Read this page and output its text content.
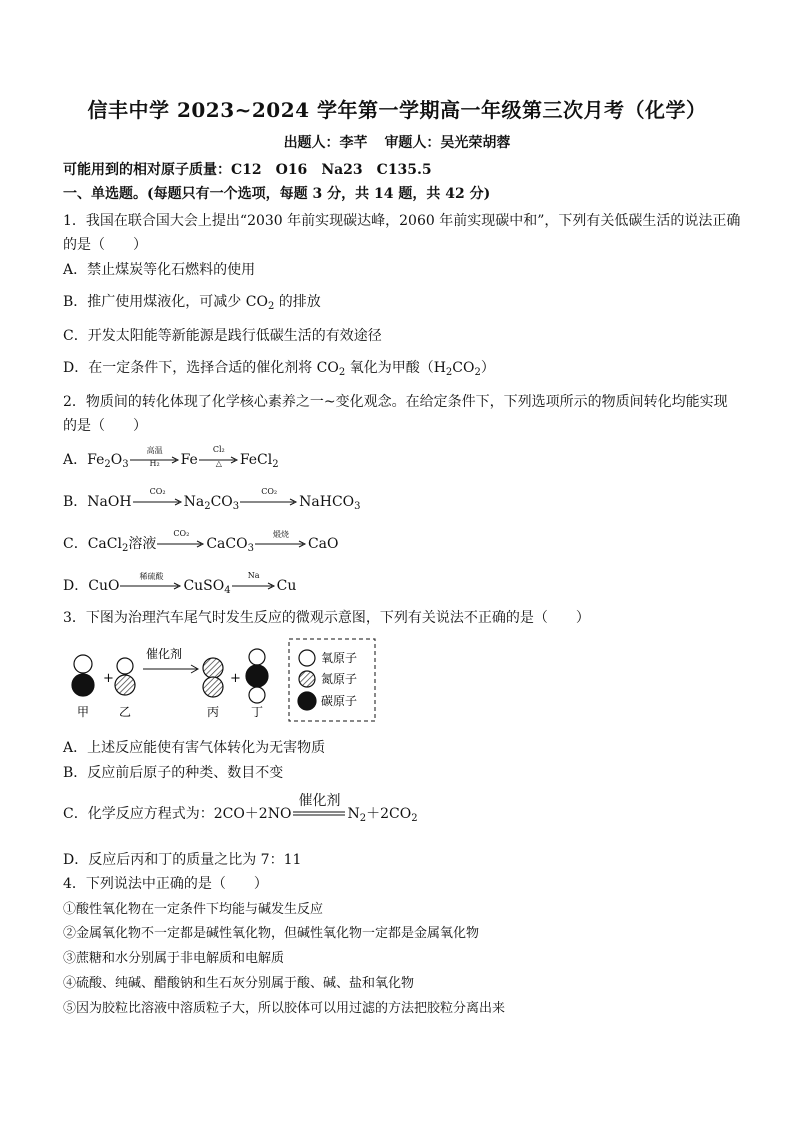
信丰中学 2023~2024 学年第一学期高一年级第三次月考（化学）
出题人：李芊 审题人：吴光荣胡蓉
可能用到的相对原子质量：C12 O16 Na23 C135.5
一、单选题。(每题只有一个选项，每题 3 分，共 14 题，共 42 分)
1．我国在联合国大会上提出“2030 年前实现碳达峰，2060 年前实现碳中和”，下列有关低碳生活的说法正确
的是（　　）
A．禁止煤炭等化石燃料的使用
B．推广使用煤液化，可减少 $CO_2$ 的排放
C．开发太阳能等新能源是践行低碳生活的有效途径
D．在一定条件下，选择合适的催化剂将 $CO_2$ 氧化为甲酸$(H_2CO_2)$
2．物质间的转化体现了化学核心素养之一~变化观念。在给定条件下，下列选项所示的物质间转化均能实现
的是（　　）
A．$Fe_2O_3$
高温
H₂	Fe
Cl₂
△	FeCl$_2$
B．NaOH
CO₂
$Na_2CO_3$
CO₂
NaHCO$_3$
C．CaCl$_2$溶液
CO₂
CaCO$_3$
煅烧
CaO
D．CuO
稀硫酸
CuSO$_4$
Na
Cu
3．下图为治理汽车尾气时发生反应的微观示意图，下列有关说法不正确的是（　　）
+
催化剂
+
甲 乙	丙	丁
氧原子
氮原子
碳原子
A．上述反应能使有害气体转化为无害物质
B．反应前后原子的种类、数目不变
C．化学反应方程式为：2CO＋2NO
催化剂
$N_2+2CO_2$
D．反应后丙和丁的质量之比为 7：11
4．下列说法中正确的是（　　）
①酸性氧化物在一定条件下均能与碱发生反应
②金属氧化物不一定都是碱性氧化物，但碱性氧化物一定都是金属氧化物
③蔗糖和水分别属于非电解质和电解质
④硫酸、纯碱、醋酸钠和生石灰分别属于酸、碱、盐和氧化物
⑤因为胶粒比溶液中溶质粒子大，所以胶体可以用过滤的方法把胶粒分离出来
